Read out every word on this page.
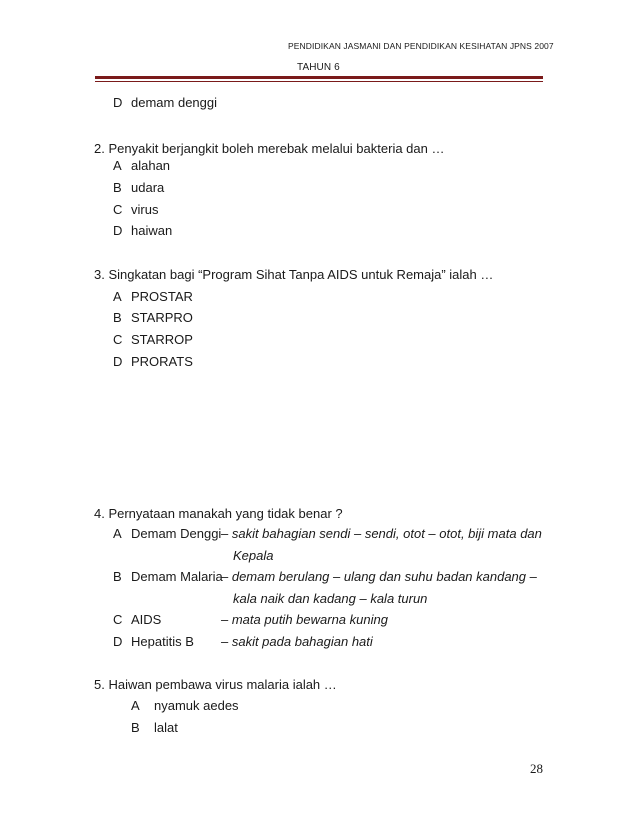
PENDIDIKAN JASMANI DAN PENDIDIKAN KESIHATAN JPNS 2007
TAHUN 6
D demam denggi
2. Penyakit berjangkit boleh merebak melalui bakteria dan …
A alahan
B udara
C virus
D haiwan
3. Singkatan bagi “Program Sihat Tanpa AIDS untuk Remaja” ialah …
A PROSTAR
B STARPRO
C STARROP
D PRORATS
4. Pernyataan manakah yang tidak benar ?
A Demam Denggi – sakit bahagian sendi – sendi, otot – otot, biji mata dan
Kepala
B Demam Malaria
– demam berulang – ulang dan suhu badan kandang –
kala naik dan kadang – kala turun
C AIDS	– mata putih bewarna kuning
D Hepatitis B – sakit pada bahagian hati
5. Haiwan pembawa virus malaria ialah …
A nyamuk aedes
B lalat
28
